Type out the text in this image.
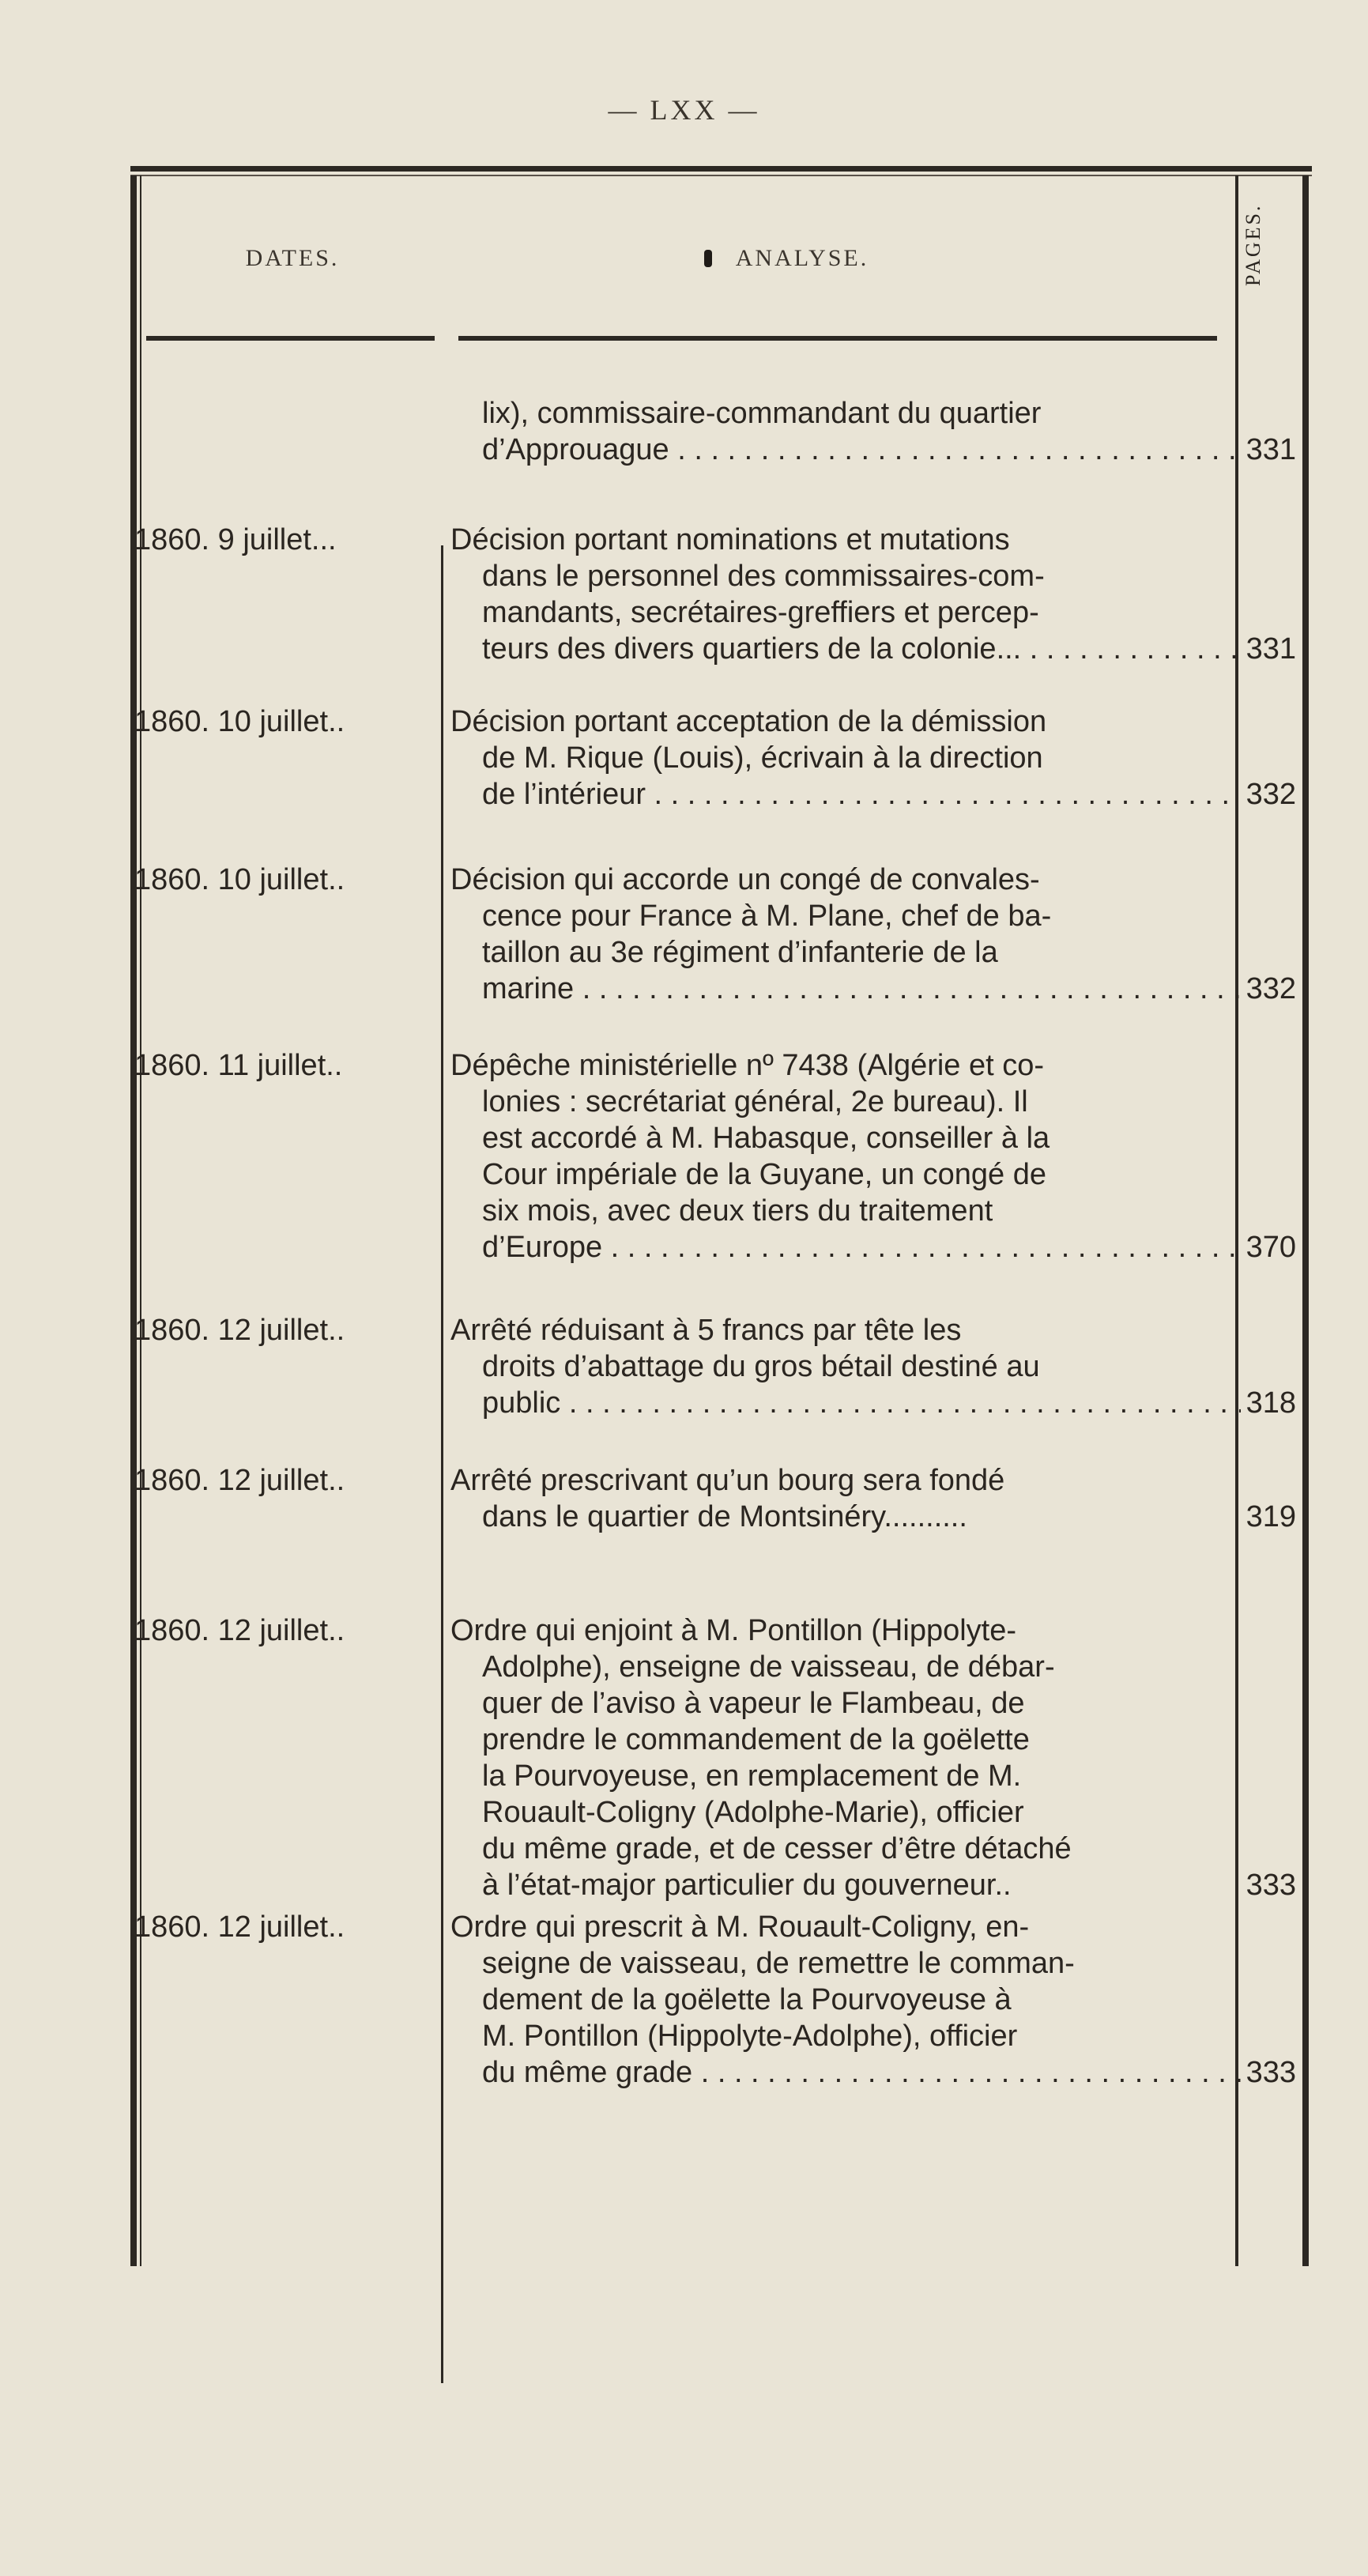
— LXX —
DATES.	ANALYSE.	PAGES.
lix), commissaire-commandant du quartier
d’Approuague . . .	331
1860. 9 juillet...	Décision portant nominations et mutations
dans le personnel des commissaires-com-
mandants, secrétaires-greffiers et percep-
teurs des divers quartiers de la colonie... . . .	331
1860. 10 juillet..	Décision portant acceptation de la démission
de M. Rique (Louis), écrivain à la direction
de l’intérieur . . .	332
1860. 10 juillet..	Décision qui accorde un congé de convales-
cence pour France à M. Plane, chef de ba-
taillon au 3e régiment d’infanterie de la
marine . . .	332
1860. 11 juillet..	Dépêche ministérielle nº 7438 (Algérie et co-
lonies : secrétariat général, 2e bureau). Il
est accordé à M. Habasque, conseiller à la
Cour impériale de la Guyane, un congé de
six mois, avec deux tiers du traitement
d’Europe . . .	370
1860. 12 juillet..	Arrêté réduisant à 5 francs par tête les
droits d’abattage du gros bétail destiné au
public . . .	318
1860. 12 juillet..	Arrêté prescrivant qu’un bourg sera fondé
dans le quartier de Montsinéry..........	319
1860. 12 juillet..	Ordre qui enjoint à M. Pontillon (Hippolyte-
Adolphe), enseigne de vaisseau, de débar-
quer de l’aviso à vapeur le Flambeau, de
prendre le commandement de la goëlette
la Pourvoyeuse, en remplacement de M.
Rouault-Coligny (Adolphe-Marie), officier
du même grade, et de cesser d’être détaché
à l’état-major particulier du gouverneur..	333
1860. 12 juillet..	Ordre qui prescrit à M. Rouault-Coligny, en-
seigne de vaisseau, de remettre le comman-
dement de la goëlette la Pourvoyeuse à
M. Pontillon (Hippolyte-Adolphe), officier
du même grade . . .	333
